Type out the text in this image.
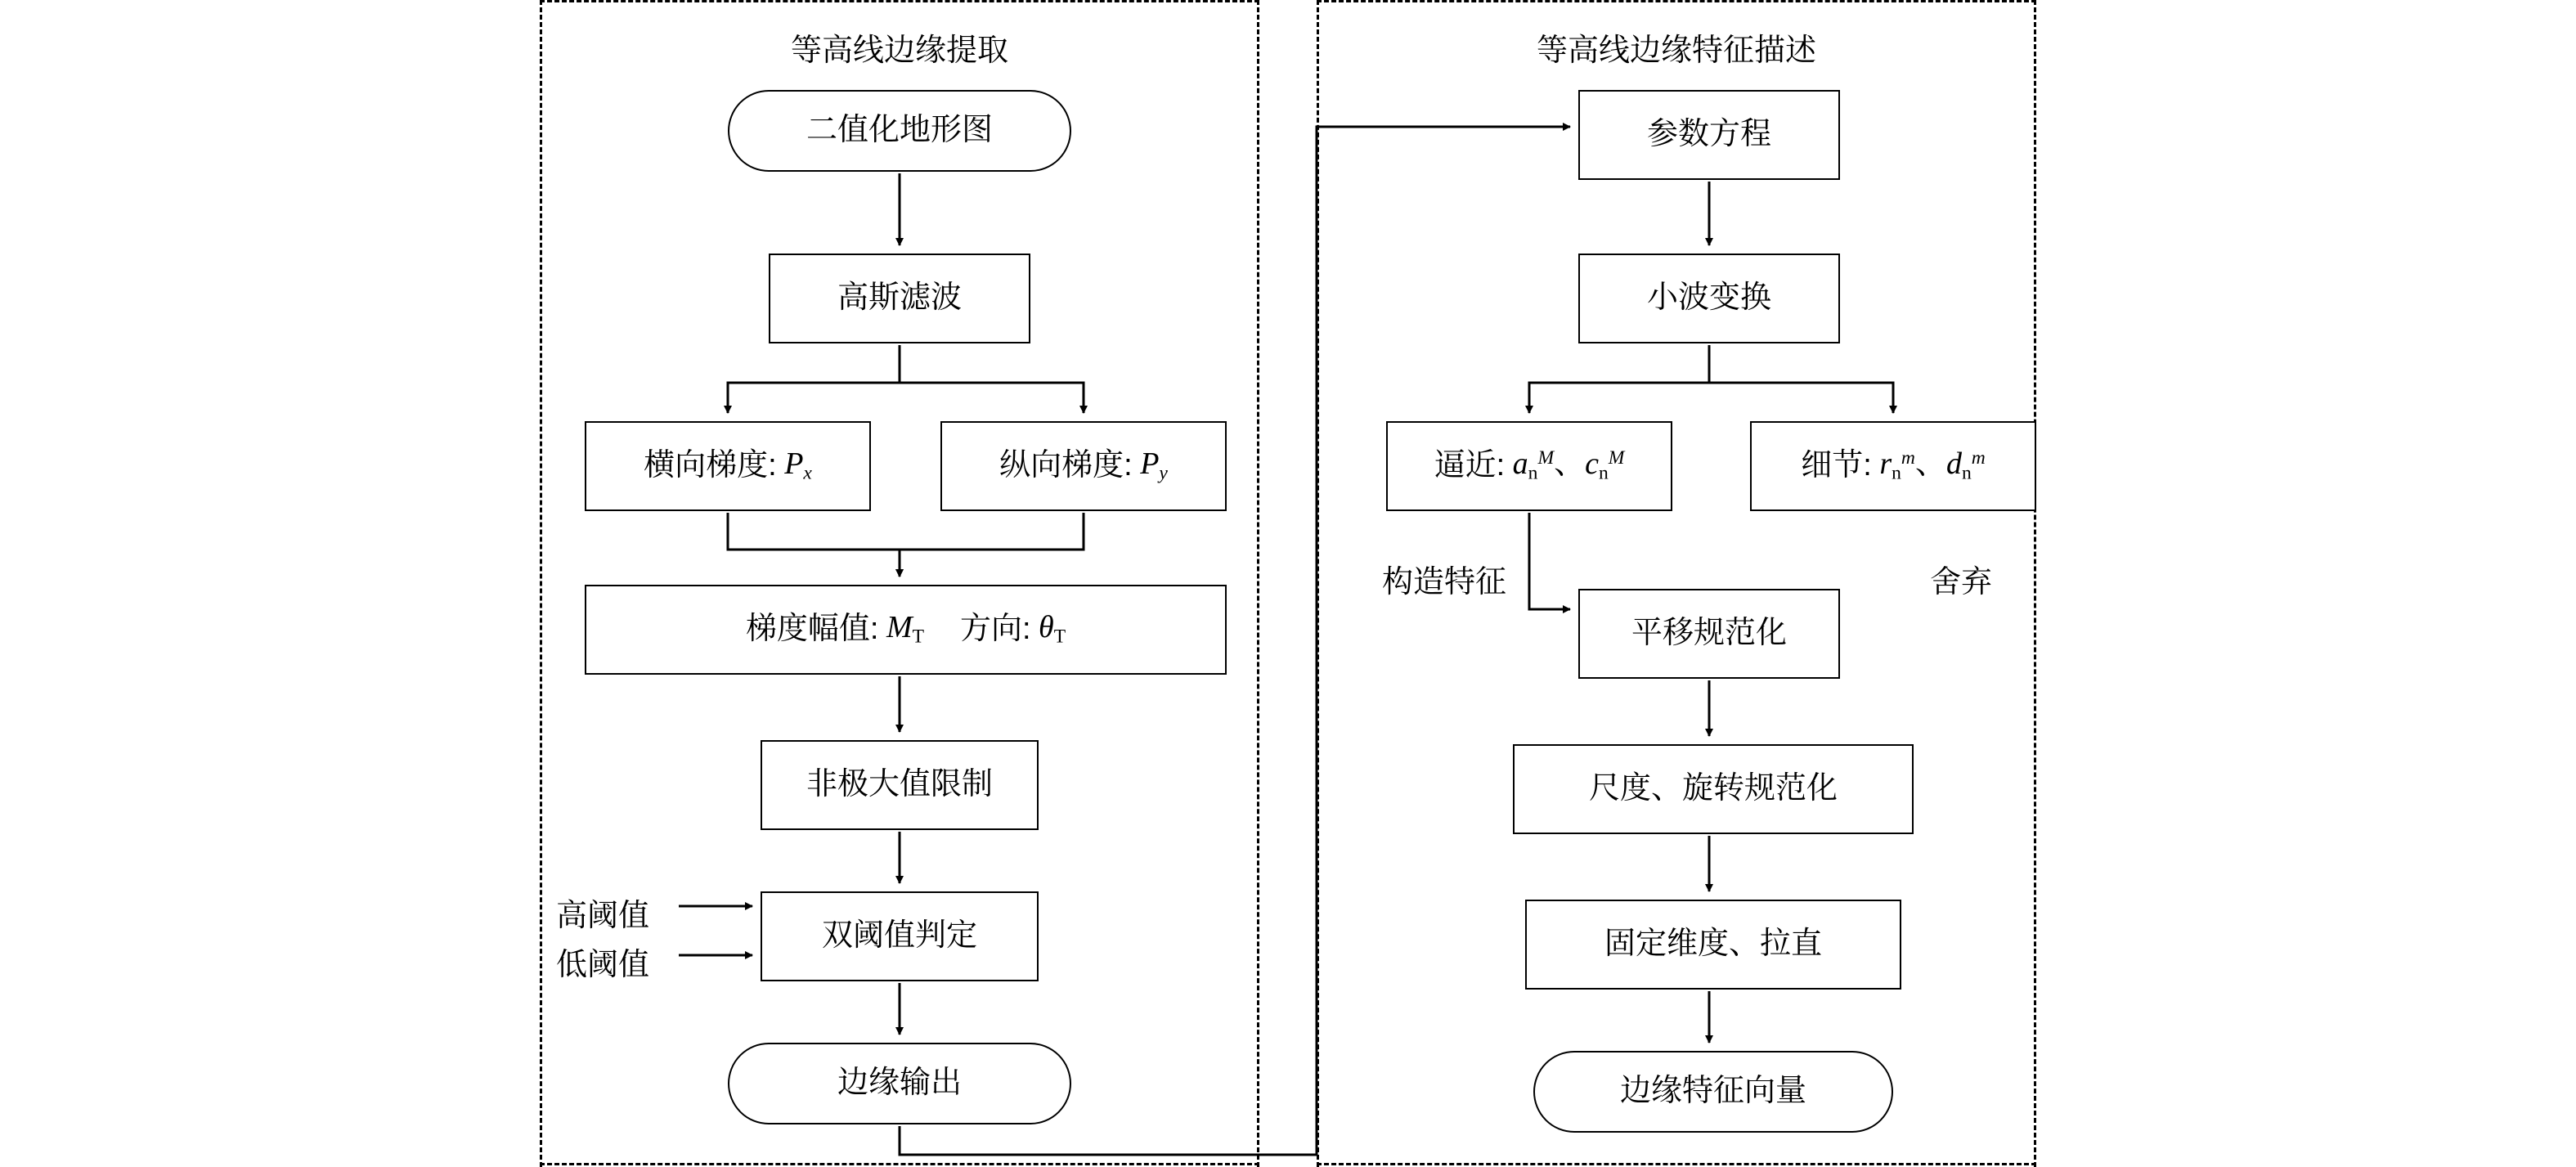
等高线边缘提取	等高线边缘特征描述
二值化地形图
高斯滤波
横向梯度: $P_x$	纵向梯度: $P_y$
梯度幅值: $M_T$ 方向: $\theta_T$
非极大值限制
双阈值判定
边缘输出
高阈值
低阈值
参数方程
小波变换
逼近: $a_n^M$、$c_n^M$	细节: $r_n^m$、$d_n^m$
构造特征	舍弃
平移规范化
尺度、旋转规范化
固定维度、拉直
边缘特征向量
